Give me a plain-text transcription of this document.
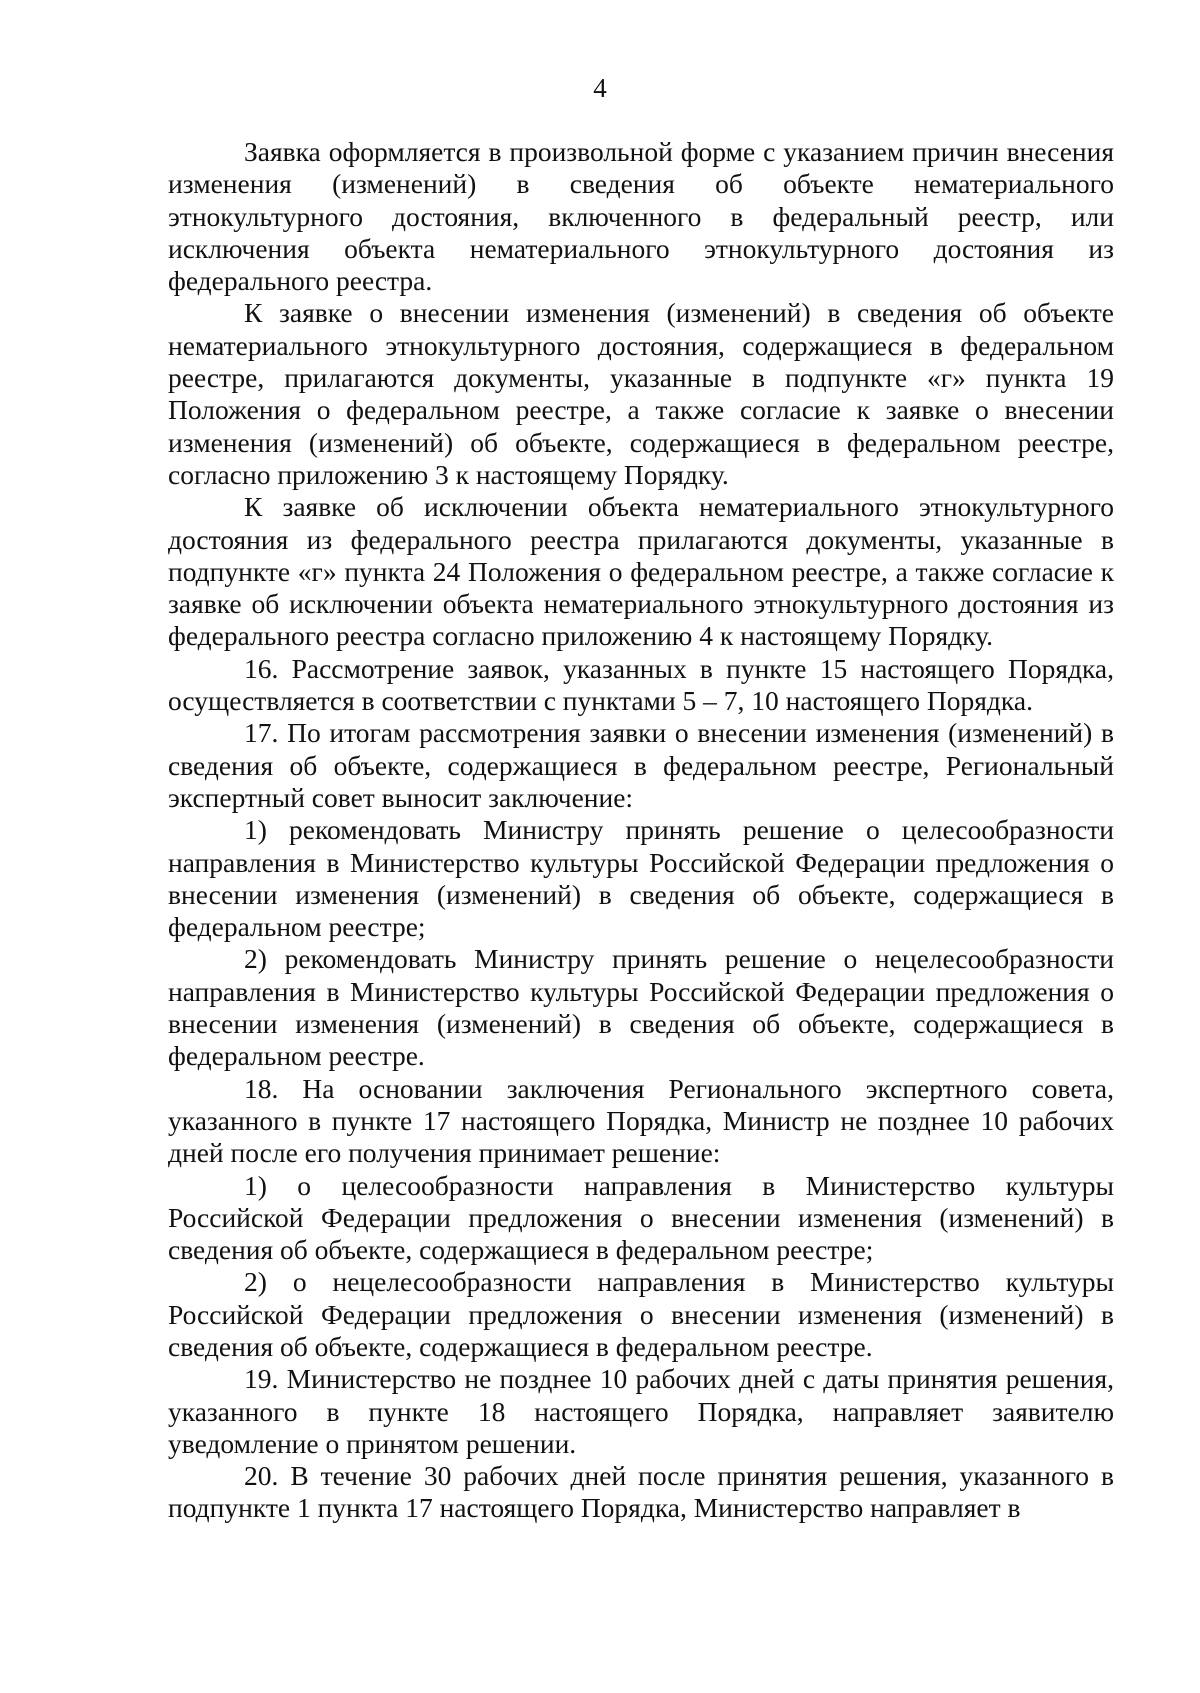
4

Заявка оформляется в произвольной форме с указанием причин внесения изменения (изменений) в сведения об объекте нематериального этнокультурного достояния, включенного в федеральный реестр, или исключения объекта нематериального этнокультурного достояния из федерального реестра.

К заявке о внесении изменения (изменений) в сведения об объекте нематериального этнокультурного достояния, содержащиеся в федеральном реестре, прилагаются документы, указанные в подпункте «г» пункта 19 Положения о федеральном реестре, а также согласие к заявке о внесении изменения (изменений) об объекте, содержащиеся в федеральном реестре, согласно приложению 3 к настоящему Порядку.

К заявке об исключении объекта нематериального этнокультурного достояния из федерального реестра прилагаются документы, указанные в подпункте «г» пункта 24 Положения о федеральном реестре, а также согласие к заявке об исключении объекта нематериального этнокультурного достояния из федерального реестра согласно приложению 4 к настоящему Порядку.

16. Рассмотрение заявок, указанных в пункте 15 настоящего Порядка, осуществляется в соответствии с пунктами 5 – 7, 10 настоящего Порядка.

17. По итогам рассмотрения заявки о внесении изменения (изменений) в сведения об объекте, содержащиеся в федеральном реестре, Региональный экспертный совет выносит заключение:

1) рекомендовать Министру принять решение о целесообразности направления в Министерство культуры Российской Федерации предложения о внесении изменения (изменений) в сведения об объекте, содержащиеся в федеральном реестре;

2) рекомендовать Министру принять решение о нецелесообразности направления в Министерство культуры Российской Федерации предложения о внесении изменения (изменений) в сведения об объекте, содержащиеся в федеральном реестре.

18. На основании заключения Регионального экспертного совета, указанного в пункте 17 настоящего Порядка, Министр не позднее 10 рабочих дней после его получения принимает решение:

1) о целесообразности направления в Министерство культуры Российской Федерации предложения о внесении изменения (изменений) в сведения об объекте, содержащиеся в федеральном реестре;

2) о нецелесообразности направления в Министерство культуры Российской Федерации предложения о внесении изменения (изменений) в сведения об объекте, содержащиеся в федеральном реестре.

19. Министерство не позднее 10 рабочих дней с даты принятия решения, указанного в пункте 18 настоящего Порядка, направляет заявителю уведомление о принятом решении.

20. В течение 30 рабочих дней после принятия решения, указанного в подпункте 1 пункта 17 настоящего Порядка, Министерство направляет в
